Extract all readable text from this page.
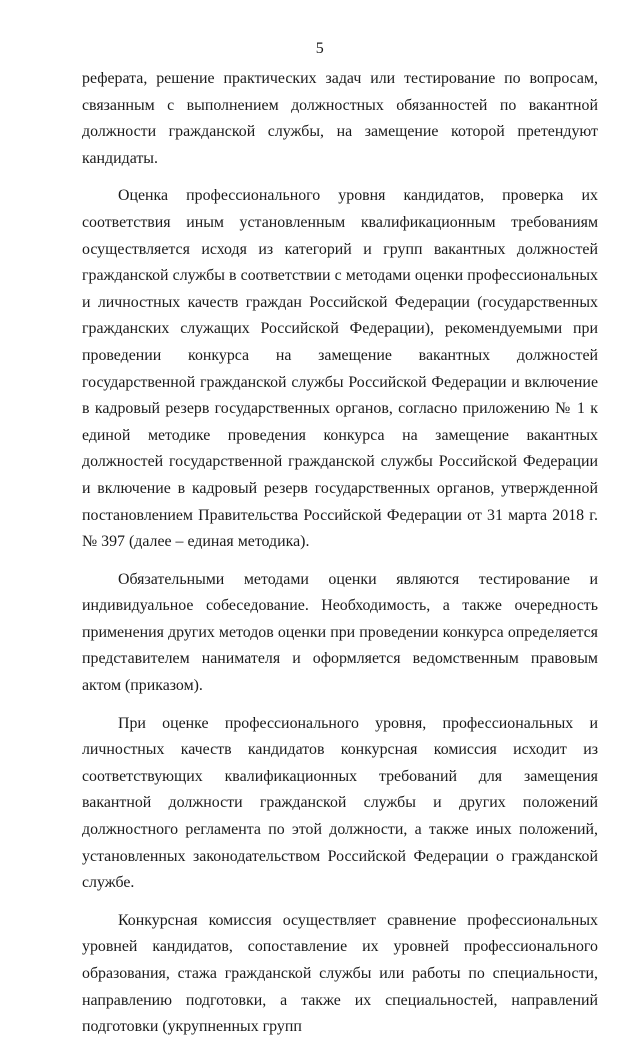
5

реферата, решение практических задач или тестирование по вопросам, связанным с выполнением должностных обязанностей по вакантной должности гражданской службы, на замещение которой претендуют кандидаты.

Оценка профессионального уровня кандидатов, проверка их соответствия иным установленным квалификационным требованиям осуществляется исходя из категорий и групп вакантных должностей гражданской службы в соответствии с методами оценки профессиональных и личностных качеств граждан Российской Федерации (государственных гражданских служащих Российской Федерации), рекомендуемыми при проведении конкурса на замещение вакантных должностей государственной гражданской службы Российской Федерации и включение в кадровый резерв государственных органов, согласно приложению № 1 к единой методике проведения конкурса на замещение вакантных должностей государственной гражданской службы Российской Федерации и включение в кадровый резерв государственных органов, утвержденной постановлением Правительства Российской Федерации от 31 марта 2018 г. № 397 (далее – единая методика).

Обязательными методами оценки являются тестирование и индивидуальное собеседование. Необходимость, а также очередность применения других методов оценки при проведении конкурса определяется представителем нанимателя и оформляется ведомственным правовым актом (приказом).

При оценке профессионального уровня, профессиональных и личностных качеств кандидатов конкурсная комиссия исходит из соответствующих квалификационных требований для замещения вакантной должности гражданской службы и других положений должностного регламента по этой должности, а также иных положений, установленных законодательством Российской Федерации о гражданской службе.

Конкурсная комиссия осуществляет сравнение профессиональных уровней кандидатов, сопоставление их уровней профессионального образования, стажа гражданской службы или работы по специальности, направлению подготовки, а также их специальностей, направлений подготовки (укрупненных групп
